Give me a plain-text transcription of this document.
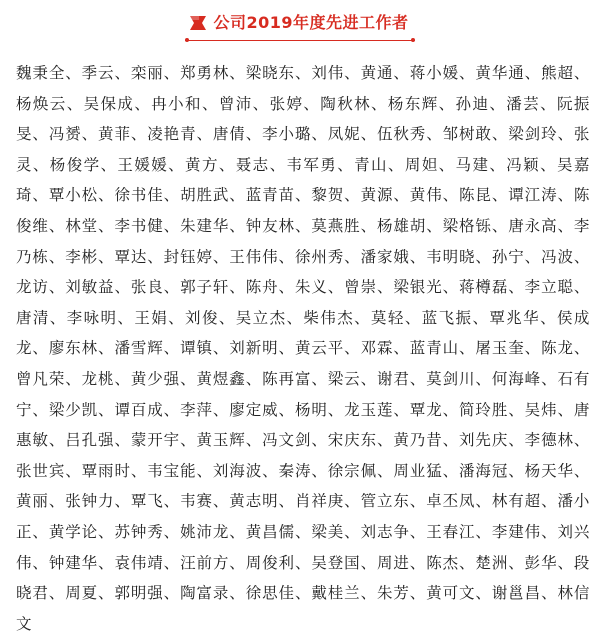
公司2019年度先进工作者

魏秉全、季云、栾丽、郑勇林、梁晓东、刘伟、黄通、蒋小媛、黄华通、熊超、杨焕云、吴保成、冉小和、曾沛、张婷、陶秋林、杨东辉、孙迪、潘芸、阮振旻、冯赟、黄菲、凌艳青、唐倩、李小璐、凤妮、伍秋秀、邹树敢、梁剑玲、张灵、杨俊学、王媛媛、黄方、聂志、韦军勇、青山、周妲、马建、冯颖、吴嘉琦、覃小松、徐书佳、胡胜武、蓝青苗、黎贺、黄源、黄伟、陈昆、谭江涛、陈俊维、林堂、李书健、朱建华、钟友林、莫燕胜、杨雄胡、梁格铄、唐永高、李乃栋、李彬、覃达、封钰婷、王伟伟、徐州秀、潘家娥、韦明晓、孙宁、冯波、龙访、刘敏益、张良、郭子轩、陈舟、朱义、曾崇、梁银光、蒋樽磊、李立聪、唐清、李咏明、王娟、刘俊、吴立杰、柴伟杰、莫轻、蓝飞振、覃兆华、侯成龙、廖东林、潘雪辉、谭镇、刘新明、黄云平、邓霖、蓝青山、屠玉奎、陈龙、曾凡荣、龙桃、黄少强、黄煜鑫、陈再富、梁云、谢君、莫剑川、何海峰、石有宁、梁少凯、谭百成、李萍、廖定威、杨明、龙玉莲、覃龙、简玲胜、吴炜、唐惠敏、吕孔强、蒙开宇、黄玉辉、冯文剑、宋庆东、黄乃昔、刘先庆、李德林、张世宾、覃雨时、韦宝能、刘海波、秦涛、徐宗佩、周业猛、潘海冠、杨天华、黄丽、张钟力、覃飞、韦赛、黄志明、肖祥庚、管立东、卓丕凤、林有超、潘小正、黄学论、苏钟秀、姚沛龙、黄昌儒、梁美、刘志争、王春江、李建伟、刘兴伟、钟建华、袁伟靖、汪前方、周俊利、吴登国、周进、陈杰、楚洲、彭华、段晓君、周夏、郭明强、陶富录、徐思佳、戴桂兰、朱芳、黄可文、谢邕昌、林信文
